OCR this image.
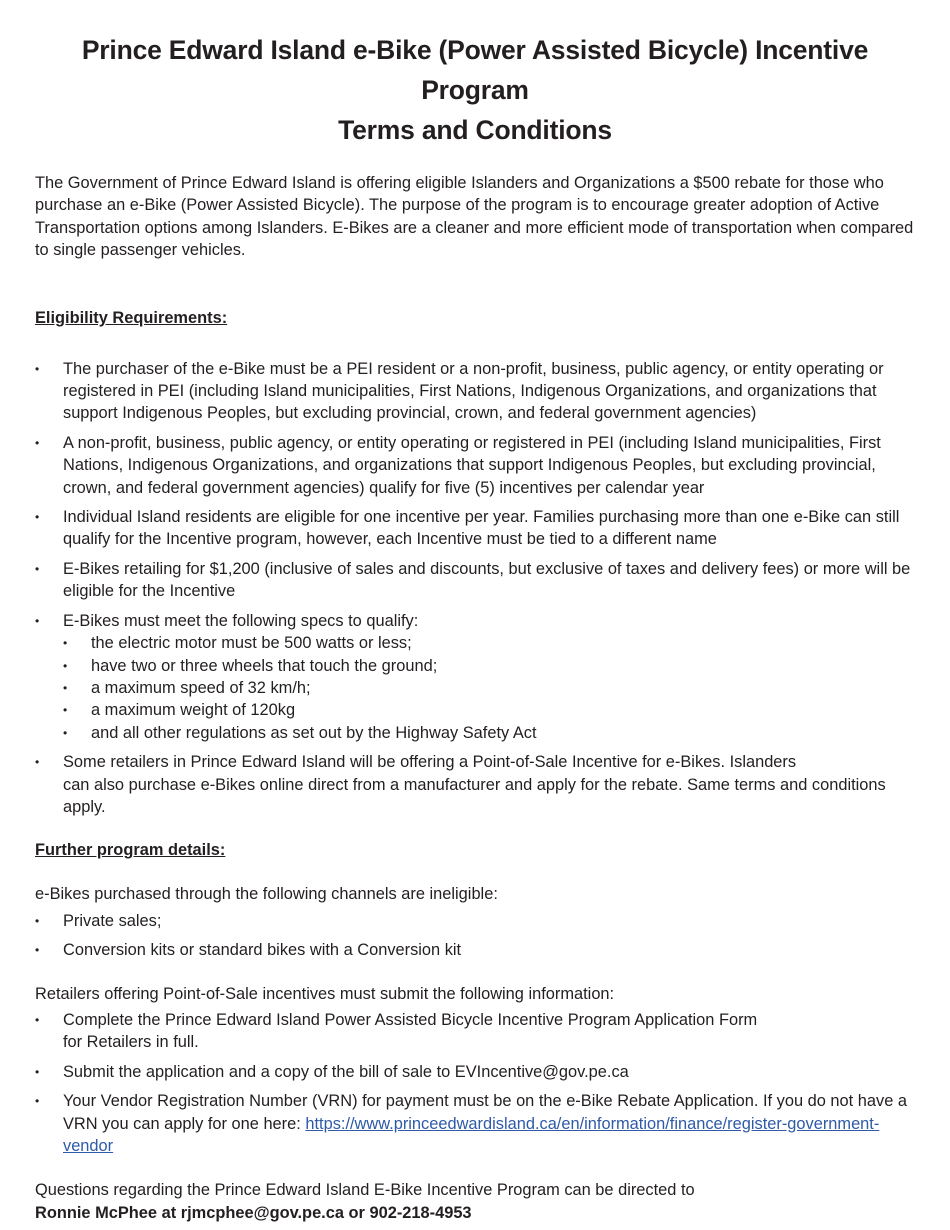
Prince Edward Island e-Bike (Power Assisted Bicycle) Incentive Program
Terms and Conditions

The Government of Prince Edward Island is offering eligible Islanders and Organizations a $500 rebate for those who purchase an e-Bike (Power Assisted Bicycle). The purpose of the program is to encourage greater adoption of Active Transportation options among Islanders. E-Bikes are a cleaner and more efficient mode of transportation when compared to single passenger vehicles.

Eligibility Requirements:
• The purchaser of the e-Bike must be a PEI resident or a non-profit, business, public agency, or entity operating or registered in PEI (including Island municipalities, First Nations, Indigenous Organizations, and organizations that support Indigenous Peoples, but excluding provincial, crown, and federal government agencies)
• A non-profit, business, public agency, or entity operating or registered in PEI (including Island municipalities, First Nations, Indigenous Organizations, and organizations that support Indigenous Peoples, but excluding provincial, crown, and federal government agencies) qualify for five (5) incentives per calendar year
• Individual Island residents are eligible for one incentive per year. Families purchasing more than one e-Bike can still qualify for the Incentive program, however, each Incentive must be tied to a different name
• E-Bikes retailing for $1,200 (inclusive of sales and discounts, but exclusive of taxes and delivery fees) or more will be eligible for the Incentive
• E-Bikes must meet the following specs to qualify:
• the electric motor must be 500 watts or less;
• have two or three wheels that touch the ground;
• a maximum speed of 32 km/h;
• a maximum weight of 120kg
• and all other regulations as set out by the Highway Safety Act
• Some retailers in Prince Edward Island will be offering a Point-of-Sale Incentive for e-Bikes. Islanders
can also purchase e-Bikes online direct from a manufacturer and apply for the rebate. Same terms and conditions apply.
Further program details:

e-Bikes purchased through the following channels are ineligible:

• Private sales;
• Conversion kits or standard bikes with a Conversion kit

Retailers offering Point-of-Sale incentives must submit the following information:

• Complete the Prince Edward Island Power Assisted Bicycle Incentive Program Application Form
for Retailers in full.
• Submit the application and a copy of the bill of sale to EVIncentive@gov.pe.ca
• Your Vendor Registration Number (VRN) for payment must be on the e-Bike Rebate Application. If you do not have a VRN you can apply for one here: https://www.princeedwardisland.ca/en/information/finance/register-government-vendor
Questions regarding the Prince Edward Island E-Bike Incentive Program can be directed to
Ronnie McPhee at rjmcphee@gov.pe.ca or 902-218-4953
